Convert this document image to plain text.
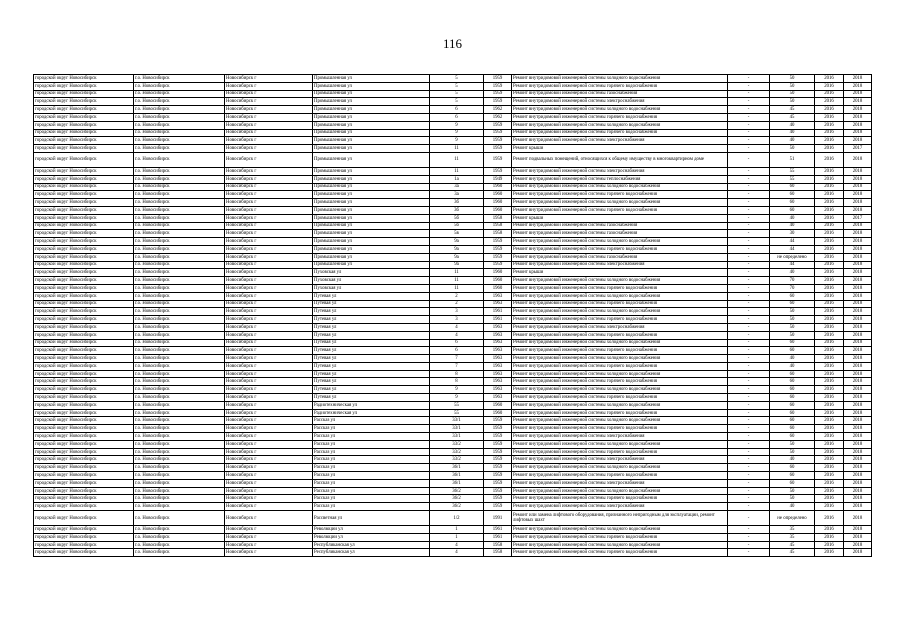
116
городской округ Новосибирск	г.о. Новосибирск	Новосибирск г	Промышленная ул	5	1959	Ремонт внутридомовой инженерной системы холодного водоснабжения	-	50	2016	2018
городской округ Новосибирск	г.о. Новосибирск	Новосибирск г	Промышленная ул	5	1959	Ремонт внутридомовой инженерной системы горячего водоснабжения	-	50	2016	2018
городской округ Новосибирск	г.о. Новосибирск	Новосибирск г	Промышленная ул	5	1959	Ремонт внутридомовой инженерной системы газоснабжения	-	50	2016	2018
городской округ Новосибирск	г.о. Новосибирск	Новосибирск г	Промышленная ул	5	1959	Ремонт внутридомовой инженерной системы электроснабжения	-	50	2016	2018
городской округ Новосибирск	г.о. Новосибирск	Новосибирск г	Промышленная ул	6	1962	Ремонт внутридомовой инженерной системы холодного водоснабжения	-	45	2016	2018
городской округ Новосибирск	г.о. Новосибирск	Новосибирск г	Промышленная ул	6	1962	Ремонт внутридомовой инженерной системы горячего водоснабжения	-	45	2016	2018
городской округ Новосибирск	г.о. Новосибирск	Новосибирск г	Промышленная ул	9	1959	Ремонт внутридомовой инженерной системы холодного водоснабжения	-	40	2016	2018
городской округ Новосибирск	г.о. Новосибирск	Новосибирск г	Промышленная ул	9	1959	Ремонт внутридомовой инженерной системы горячего водоснабжения	-	40	2016	2018
городской округ Новосибирск	г.о. Новосибирск	Новосибирск г	Промышленная ул	9	1959	Ремонт внутридомовой инженерной системы электроснабжения	-	40	2016	2018
городской округ Новосибирск	г.о. Новосибирск	Новосибирск г	Промышленная ул	11	1959	Ремонт крыши	-	50	2016	2017
городской округ Новосибирск	г.о. Новосибирск	Новосибирск г	Промышленная ул	11	1959	Ремонт подвальных помещений, относящихся к общему имуществу в многоквартирном доме	-	51	2016	2018
городской округ Новосибирск	г.о. Новосибирск	Новосибирск г	Промышленная ул	11	1959	Ремонт внутридомовой инженерной системы электроснабжения	-	55	2016	2018
городской округ Новосибирск	г.о. Новосибирск	Новосибирск г	Промышленная ул	1а	1949	Ремонт внутридомовой инженерной системы теплоснабжения	-	55	2016	2018
городской округ Новосибирск	г.о. Новосибирск	Новосибирск г	Промышленная ул	3а	1960	Ремонт внутридомовой инженерной системы холодного водоснабжения	-	60	2016	2018
городской округ Новосибирск	г.о. Новосибирск	Новосибирск г	Промышленная ул	3а	1960	Ремонт внутридомовой инженерной системы горячего водоснабжения	-	60	2016	2018
городской округ Новосибирск	г.о. Новосибирск	Новосибирск г	Промышленная ул	3б	1960	Ремонт внутридомовой инженерной системы холодного водоснабжения	-	60	2016	2018
городской округ Новосибирск	г.о. Новосибирск	Новосибирск г	Промышленная ул	3б	1960	Ремонт внутридомовой инженерной системы горячего водоснабжения	-	60	2016	2018
городской округ Новосибирск	г.о. Новосибирск	Новосибирск г	Промышленная ул	5б	1958	Ремонт крыши	-	40	2016	2017
городской округ Новосибирск	г.о. Новосибирск	Новосибирск г	Промышленная ул	5б	1958	Ремонт внутридомовой инженерной системы газоснабжения	-	40	2016	2018
городской округ Новосибирск	г.о. Новосибирск	Новосибирск г	Промышленная ул	5в	1958	Ремонт внутридомовой инженерной системы газоснабжения	-	30	2016	2018
городской округ Новосибирск	г.о. Новосибирск	Новосибирск г	Промышленная ул	9а	1959	Ремонт внутридомовой инженерной системы холодного водоснабжения	-	44	2016	2018
городской округ Новосибирск	г.о. Новосибирск	Новосибирск г	Промышленная ул	9а	1959	Ремонт внутридомовой инженерной системы горячего водоснабжения	-	44	2016	2018
городской округ Новосибирск	г.о. Новосибирск	Новосибирск г	Промышленная ул	9а	1959	Ремонт внутридомовой инженерной системы газоснабжения	-	не определено	2016	2018
городской округ Новосибирск	г.о. Новосибирск	Новосибирск г	Промышленная ул	9а	1959	Ремонт внутридомовой инженерной системы электроснабжения	-	44	2016	2018
городской округ Новосибирск	г.о. Новосибирск	Новосибирск г	Пуховская ул	11	1960	Ремонт крыши	-	40	2016	2018
городской округ Новосибирск	г.о. Новосибирск	Новосибирск г	Пуховская ул	11	1960	Ремонт внутридомовой инженерной системы холодного водоснабжения	-	70	2016	2018
городской округ Новосибирск	г.о. Новосибирск	Новосибирск г	Пуховская ул	11	1960	Ремонт внутридомовой инженерной системы горячего водоснабжения	-	70	2016	2018
городской округ Новосибирск	г.о. Новосибирск	Новосибирск г	Путевая ул	2	1963	Ремонт внутридомовой инженерной системы холодного водоснабжения	-	60	2016	2018
городской округ Новосибирск	г.о. Новосибирск	Новосибирск г	Путевая ул	2	1963	Ремонт внутридомовой инженерной системы горячего водоснабжения	-	60	2016	2018
городской округ Новосибирск	г.о. Новосибирск	Новосибирск г	Путевая ул	3	1961	Ремонт внутридомовой инженерной системы холодного водоснабжения	-	50	2016	2018
городской округ Новосибирск	г.о. Новосибирск	Новосибирск г	Путевая ул	3	1961	Ремонт внутридомовой инженерной системы горячего водоснабжения	-	50	2016	2018
городской округ Новосибирск	г.о. Новосибирск	Новосибирск г	Путевая ул	4	1963	Ремонт внутридомовой инженерной системы электроснабжения	-	50	2016	2018
городской округ Новосибирск	г.о. Новосибирск	Новосибирск г	Путевая ул	4	1963	Ремонт внутридомовой инженерной системы горячего водоснабжения	-	50	2016	2018
городской округ Новосибирск	г.о. Новосибирск	Новосибирск г	Путевая ул	6	1963	Ремонт внутридомовой инженерной системы холодного водоснабжения	-	60	2016	2018
городской округ Новосибирск	г.о. Новосибирск	Новосибирск г	Путевая ул	6	1963	Ремонт внутридомовой инженерной системы горячего водоснабжения	-	60	2016	2018
городской округ Новосибирск	г.о. Новосибирск	Новосибирск г	Путевая ул	7	1963	Ремонт внутридомовой инженерной системы холодного водоснабжения	-	40	2016	2018
городской округ Новосибирск	г.о. Новосибирск	Новосибирск г	Путевая ул	7	1963	Ремонт внутридомовой инженерной системы горячего водоснабжения	-	40	2016	2018
городской округ Новосибирск	г.о. Новосибирск	Новосибирск г	Путевая ул	8	1963	Ремонт внутридомовой инженерной системы холодного водоснабжения	-	60	2016	2018
городской округ Новосибирск	г.о. Новосибирск	Новосибирск г	Путевая ул	8	1963	Ремонт внутридомовой инженерной системы горячего водоснабжения	-	60	2016	2018
городской округ Новосибирск	г.о. Новосибирск	Новосибирск г	Путевая ул	9	1963	Ремонт внутридомовой инженерной системы холодного водоснабжения	-	60	2016	2018
городской округ Новосибирск	г.о. Новосибирск	Новосибирск г	Путевая ул	9	1963	Ремонт внутридомовой инженерной системы горячего водоснабжения	-	60	2016	2018
городской округ Новосибирск	г.о. Новосибирск	Новосибирск г	Радиотехническая ул	55	1960	Ремонт внутридомовой инженерной системы холодного водоснабжения	-	60	2016	2018
городской округ Новосибирск	г.о. Новосибирск	Новосибирск г	Радиотехническая ул	55	1960	Ремонт внутридомовой инженерной системы горячего водоснабжения	-	60	2016	2018
городской округ Новосибирск	г.о. Новосибирск	Новосибирск г	Рассказ ул	33/1	1959	Ремонт внутридомовой инженерной системы холодного водоснабжения	-	60	2016	2018
городской округ Новосибирск	г.о. Новосибирск	Новосибирск г	Рассказ ул	33/1	1959	Ремонт внутридомовой инженерной системы горячего водоснабжения	-	60	2016	2018
городской округ Новосибирск	г.о. Новосибирск	Новосибирск г	Рассказ ул	33/1	1959	Ремонт внутридомовой инженерной системы электроснабжения	-	60	2016	2018
городской округ Новосибирск	г.о. Новосибирск	Новосибирск г	Рассказ ул	33/2	1959	Ремонт внутридомовой инженерной системы холодного водоснабжения	-	50	2016	2018
городской округ Новосибирск	г.о. Новосибирск	Новосибирск г	Рассказ ул	33/2	1959	Ремонт внутридомовой инженерной системы горячего водоснабжения	-	50	2016	2018
городской округ Новосибирск	г.о. Новосибирск	Новосибирск г	Рассказ ул	33/2	1959	Ремонт внутридомовой инженерной системы электроснабжения	-	40	2016	2018
городской округ Новосибирск	г.о. Новосибирск	Новосибирск г	Рассказ ул	36/1	1959	Ремонт внутридомовой инженерной системы холодного водоснабжения	-	60	2016	2018
городской округ Новосибирск	г.о. Новосибирск	Новосибирск г	Рассказ ул	36/1	1959	Ремонт внутридомовой инженерной системы горячего водоснабжения	-	60	2016	2018
городской округ Новосибирск	г.о. Новосибирск	Новосибирск г	Рассказ ул	36/1	1959	Ремонт внутридомовой инженерной системы электроснабжения	-	60	2016	2018
городской округ Новосибирск	г.о. Новосибирск	Новосибирск г	Рассказ ул	36/2	1959	Ремонт внутридомовой инженерной системы холодного водоснабжения	-	50	2016	2018
городской округ Новосибирск	г.о. Новосибирск	Новосибирск г	Рассказ ул	36/2	1959	Ремонт внутридомовой инженерной системы горячего водоснабжения	-	50	2016	2018
городской округ Новосибирск	г.о. Новосибирск	Новосибирск г	Рассказ ул	36/2	1959	Ремонт внутридомовой инженерной системы электроснабжения	-	40	2016	2018
городской округ Новосибирск	г.о. Новосибирск	Новосибирск г	Рассветная ул	1/2	1991	Ремонт или замена лифтового оборудования, признанного непригодным для эксплуатации, ремонт лифтовых шахт	-	не определено	2016	2018
городской округ Новосибирск	г.о. Новосибирск	Новосибирск г	Революции ул	1	1961	Ремонт внутридомовой инженерной системы холодного водоснабжения	-	35	2016	2018
городской округ Новосибирск	г.о. Новосибирск	Новосибирск г	Революции ул	1	1961	Ремонт внутридомовой инженерной системы горячего водоснабжения	-	35	2016	2018
городской округ Новосибирск	г.о. Новосибирск	Новосибирск г	Республиканская ул	4	1958	Ремонт внутридомовой инженерной системы холодного водоснабжения	-	45	2016	2018
городской округ Новосибирск	г.о. Новосибирск	Новосибирск г	Республиканская ул	4	1958	Ремонт внутридомовой инженерной системы горячего водоснабжения	-	45	2016	2018
